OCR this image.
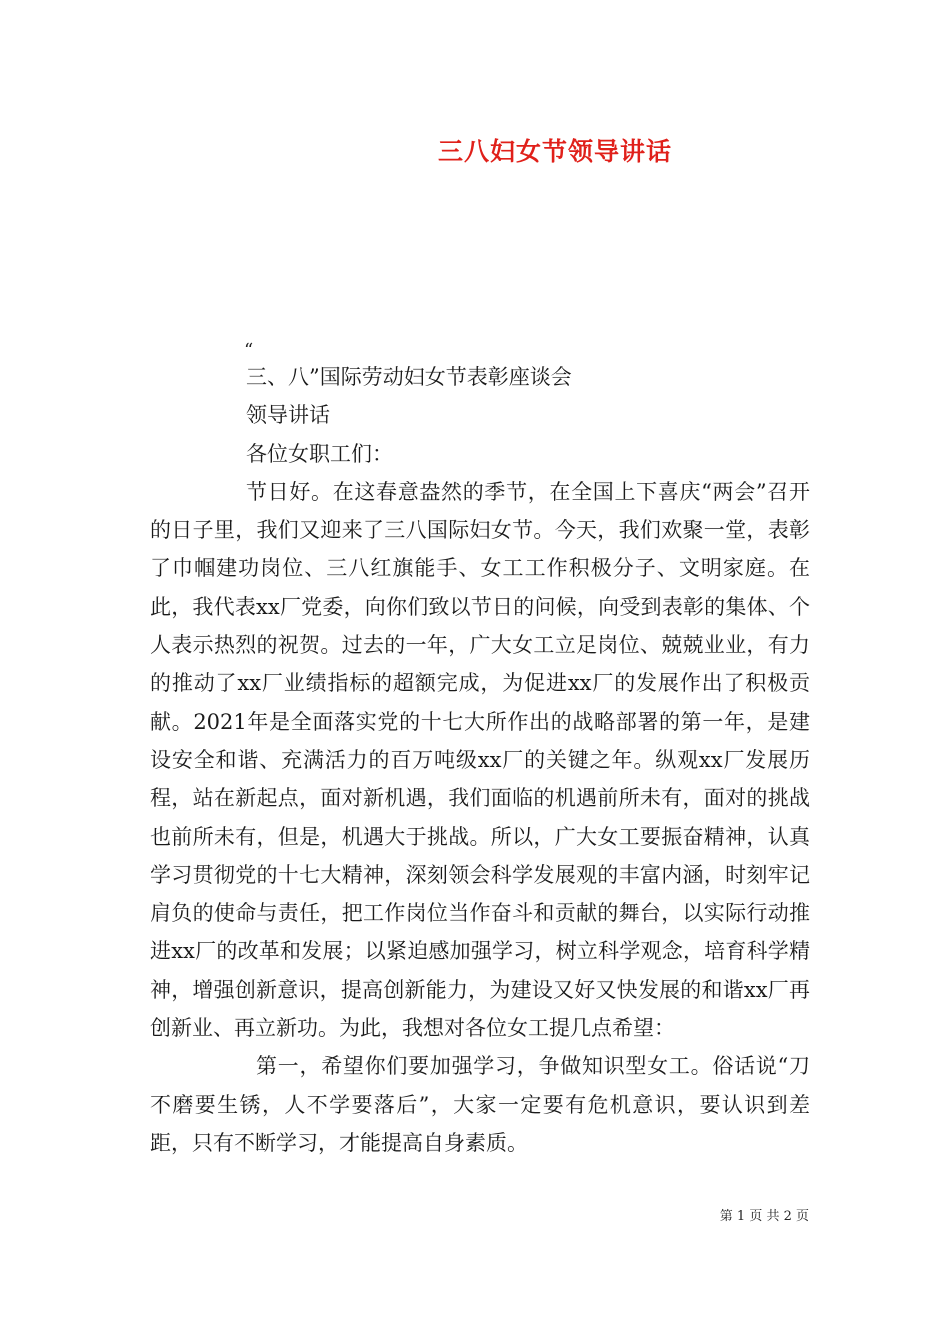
三八妇女节领导讲话
“

三、八”国际劳动妇女节表彰座谈会

领导讲话

各位女职工们：

节日好。在这春意盎然的季节，在全国上下喜庆“两会”召开的日子里，我们又迎来了三八国际妇女节。今天，我们欢聚一堂，表彰了巾帼建功岗位、三八红旗能手、女工工作积极分子、文明家庭。在此，我代表xx厂党委，向你们致以节日的问候，向受到表彰的集体、个人表示热烈的祝贺。过去的一年，广大女工立足岗位、兢兢业业，有力的推动了xx厂业绩指标的超额完成，为促进xx厂的发展作出了积极贡献。2021年是全面落实党的十七大所作出的战略部署的第一年，是建设安全和谐、充满活力的百万吨级xx厂的关键之年。纵观xx厂发展历程，站在新起点，面对新机遇，我们面临的机遇前所未有，面对的挑战也前所未有，但是，机遇大于挑战。所以，广大女工要振奋精神，认真学习贯彻党的十七大精神，深刻领会科学发展观的丰富内涵，时刻牢记肩负的使命与责任，把工作岗位当作奋斗和贡献的舞台，以实际行动推进xx厂的改革和发展；以紧迫感加强学习，树立科学观念，培育科学精神，增强创新意识，提高创新能力，为建设又好又快发展的和谐xx厂再创新业、再立新功。为此，我想对各位女工提几点希望：

第一，希望你们要加强学习，争做知识型女工。俗话说“刀不磨要生锈，人不学要落后”，大家一定要有危机意识，要认识到差距，只有不断学习，才能提高自身素质。

第 1 页 共 2 页
